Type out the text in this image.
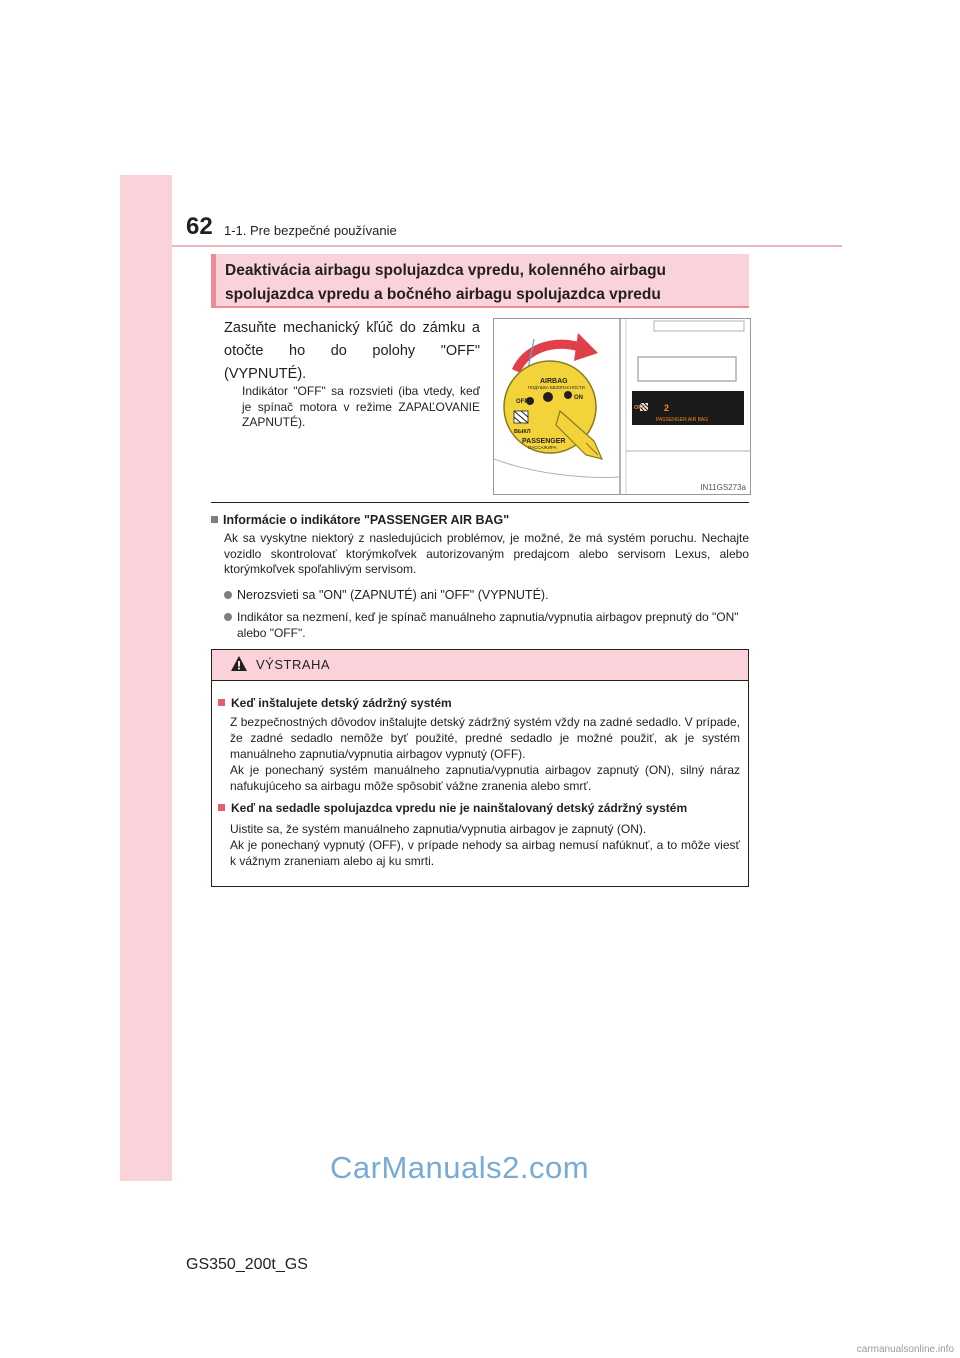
62 1-1. Pre bezpečné používanie
Deaktivácia airbagu spolujazdca vpredu, kolenného airbagu spolujazdca vpredu a bočného airbagu spolujazdca vpredu
Zasuňte mechanický kľúč do zámku a otočte ho do polohy "OFF" (VYPNUTÉ).
Indikátor "OFF" sa rozsvieti (iba vtedy, keď je spínač motora v režime ZAPAĽOVANIE ZAPNUTÉ).
AIRBAG
ПОДУШКА БЕЗОПАСНОСТИ
OFF
ON
ВЫКЛ
PASSENGER
ПАССАЖИРА
OFF
PASSENGER AIR BAG
2
IN11GS273a
Informácie o indikátore "PASSENGER AIR BAG"
Ak sa vyskytne niektorý z nasledujúcich problémov, je možné, že má systém poruchu. Nechajte vozidlo skontrolovať ktorýmkoľvek autorizovaným predajcom alebo servisom Lexus, alebo ktorýmkoľvek spoľahlivým servisom.
Nerozsvieti sa "ON" (ZAPNUTÉ) ani "OFF" (VYPNUTÉ).
Indikátor sa nezmení, keď je spínač manuálneho zapnutia/vypnutia airbagov prepnutý do "ON" alebo "OFF".
VÝSTRAHA
Keď inštalujete detský zádržný systém
Z bezpečnostných dôvodov inštalujte detský zádržný systém vždy na zadné sedadlo. V prípade, že zadné sedadlo nemôže byť použité, predné sedadlo je možné použiť, ak je systém manuálneho zapnutia/vypnutia airbagov vypnutý (OFF).
Ak je ponechaný systém manuálneho zapnutia/vypnutia airbagov zapnutý (ON), silný náraz nafukujúceho sa airbagu môže spôsobiť vážne zranenia alebo smrť.
Keď na sedadle spolujazdca vpredu nie je nainštalovaný detský zádržný systém
Uistite sa, že systém manuálneho zapnutia/vypnutia airbagov je zapnutý (ON).
Ak je ponechaný vypnutý (OFF), v prípade nehody sa airbag nemusí nafúknuť, a to môže viesť k vážnym zraneniam alebo aj ku smrti.
CarManuals2.com
GS350_200t_GS
carmanualsonline.info
